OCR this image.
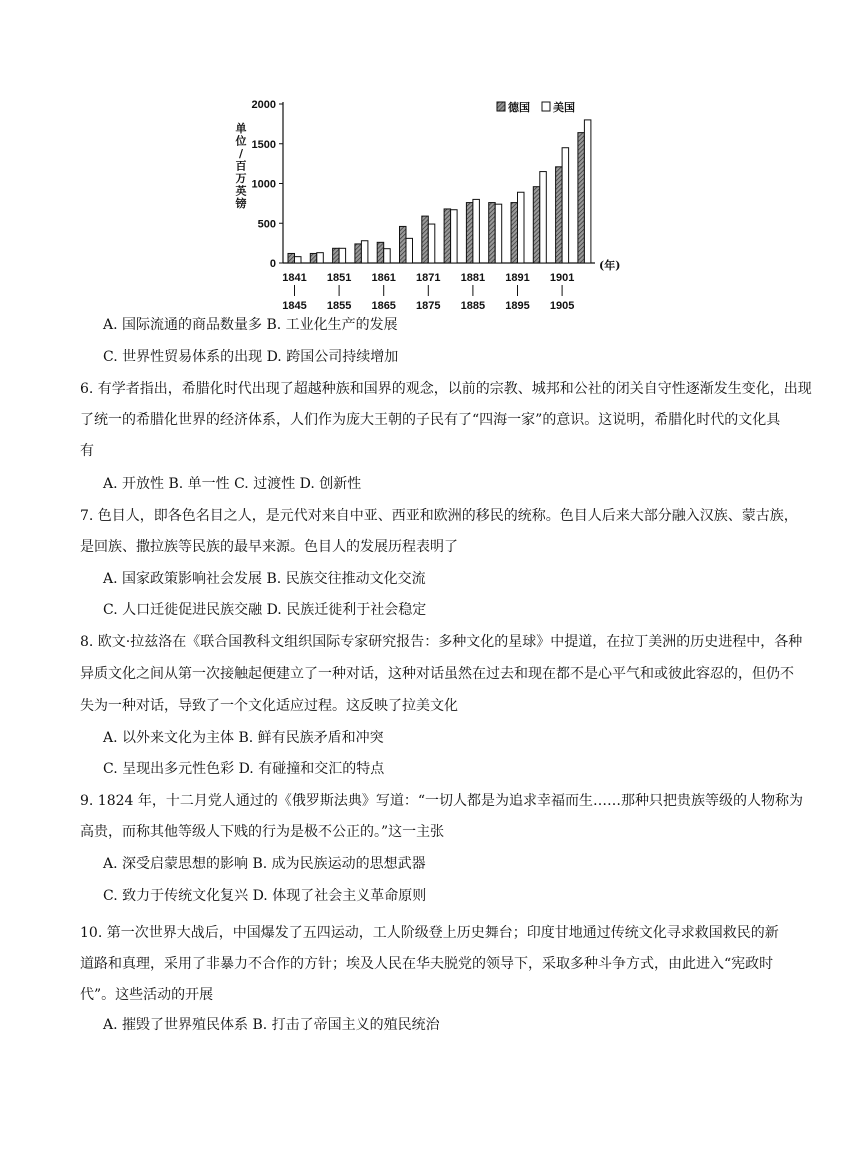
0
500
1000
1500
2000
单
位
/
百
万
英
镑
1841
1845
1851
1855
1861
1865
1871
1875
1881
1885
1891
1895
1901
1905
(年)
德国 美国
A. 国际流通的商品数量多 B. 工业化生产的发展
C. 世界性贸易体系的出现 D. 跨国公司持续增加
6. 有学者指出，希腊化时代出现了超越种族和国界的观念，以前的宗教、城邦和公社的闭关自守性逐渐发生变化，出现
了统一的希腊化世界的经济体系，人们作为庞大王朝的子民有了“四海一家”的意识。这说明，希腊化时代的文化具
有
A. 开放性 B. 单一性 C. 过渡性 D. 创新性
7. 色目人，即各色名目之人，是元代对来自中亚、西亚和欧洲的移民的统称。色目人后来大部分融入汉族、蒙古族，
是回族、撒拉族等民族的最早来源。色目人的发展历程表明了
A. 国家政策影响社会发展 B. 民族交往推动文化交流
C. 人口迁徙促进民族交融 D. 民族迁徙利于社会稳定
8. 欧文·拉兹洛在《联合国教科文组织国际专家研究报告：多种文化的星球》中提道，在拉丁美洲的历史进程中，各种
异质文化之间从第一次接触起便建立了一种对话，这种对话虽然在过去和现在都不是心平气和或彼此容忍的，但仍不
失为一种对话，导致了一个文化适应过程。这反映了拉美文化
A. 以外来文化为主体 B. 鲜有民族矛盾和冲突
C. 呈现出多元性色彩 D. 有碰撞和交汇的特点
9. 1824 年，十二月党人通过的《俄罗斯法典》写道：“一切人都是为追求幸福而生……那种只把贵族等级的人物称为
高贵，而称其他等级人下贱的行为是极不公正的。”这一主张
A. 深受启蒙思想的影响 B. 成为民族运动的思想武器
C. 致力于传统文化复兴 D. 体现了社会主义革命原则
10. 第一次世界大战后，中国爆发了五四运动，工人阶级登上历史舞台；印度甘地通过传统文化寻求救国救民的新道路和真理，采用了非暴力不合作的方针；埃及人民在华夫脱党的领导下，采取多种斗争方式，由此进入“宪政时代”。这些活动的开展
A. 摧毁了世界殖民体系 B. 打击了帝国主义的殖民统治
